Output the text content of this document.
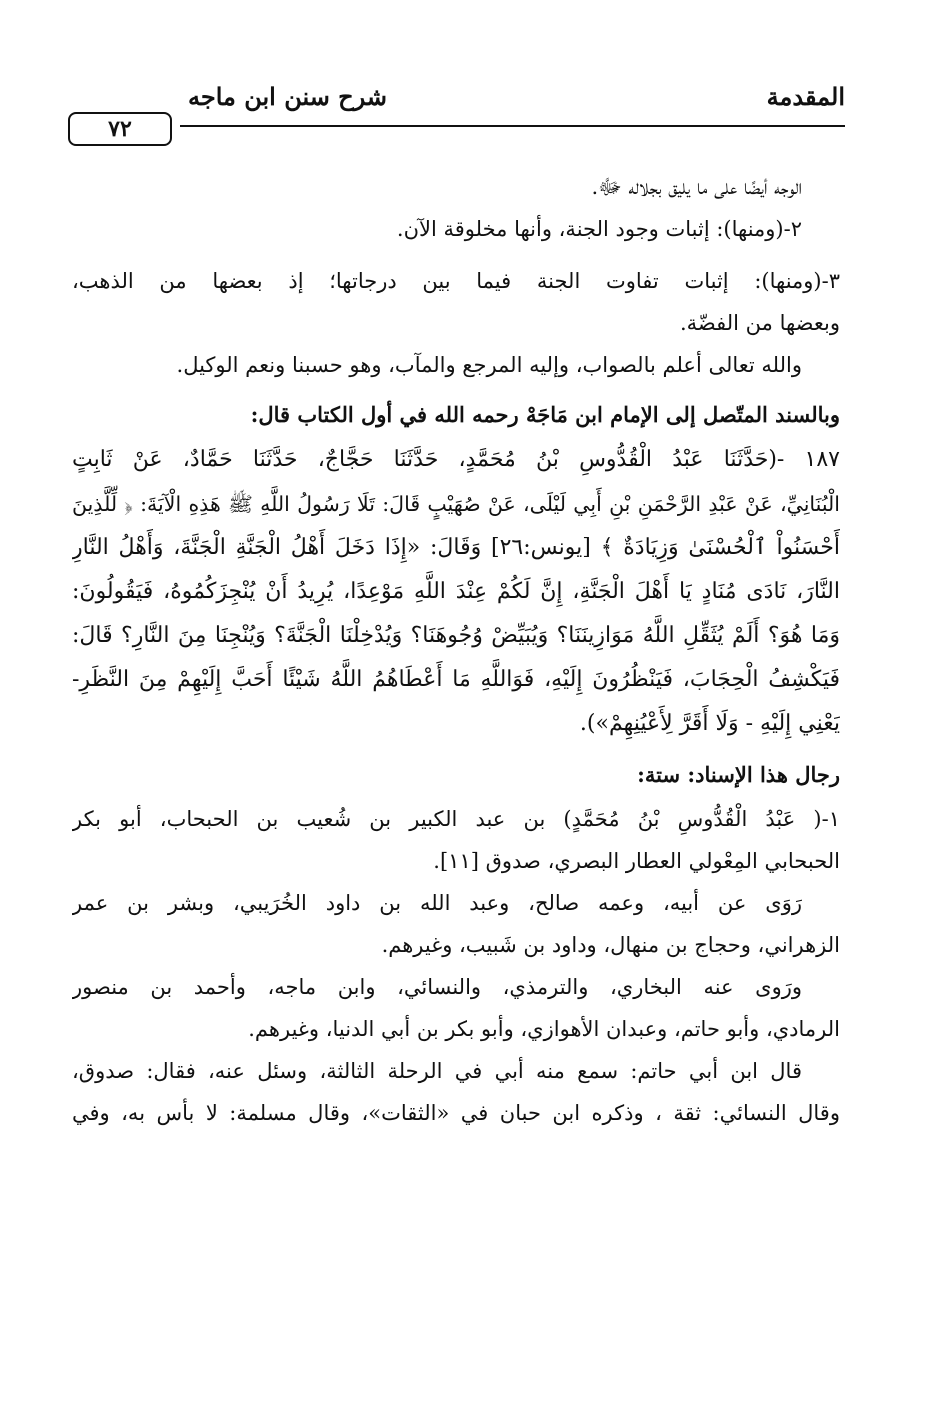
المقدمة
شرح سنن ابن ماجه
٧٢
الوجه أيضًا على ما يليق بجلاله ﷻ.
٢-(ومنها): إثبات وجود الجنة، وأنها مخلوقة الآن.
٣-(ومنها): إثبات تفاوت الجنة فيما بين درجاتها؛ إذ بعضها من الذهب،
وبعضها من الفضّة.
والله تعالى أعلم بالصواب، وإليه المرجع والمآب، وهو حسبنا ونعم الوكيل.
وبالسند المتّصل إلى الإمام ابن مَاجَهْ رحمه الله في أول الكتاب قال:
١٨٧ -(حَدَّثَنَا عَبْدُ الْقُدُّوسِ بْنُ مُحَمَّدٍ، حَدَّثَنَا حَجَّاجٌ، حَدَّثَنَا حَمَّادٌ، عَنْ ثَابِتٍ
الْبُنَانِيِّ، عَنْ عَبْدِ الرَّحْمَنِ بْنِ أَبِي لَيْلَى، عَنْ صُهَيْبٍ قَالَ: تَلَا رَسُولُ اللَّهِ ﷺ هَذِهِ الْآيَةَ: ﴿ لِّلَّذِينَ
أَحْسَنُواْ ٱلْحُسْنَىٰ وَزِيَادَةٌ ﴾ [يونس:٢٦] وَقَالَ: «إِذَا دَخَلَ أَهْلُ الْجَنَّةِ الْجَنَّةَ، وَأَهْلُ النَّارِ
النَّارَ، نَادَى مُنَادٍ يَا أَهْلَ الْجَنَّةِ، إِنَّ لَكُمْ عِنْدَ اللَّهِ مَوْعِدًا، يُرِيدُ أَنْ يُنْجِزَكُمُوهُ، فَيَقُولُونَ:
وَمَا هُوَ؟ أَلَمْ يُثَقِّلِ اللَّهُ مَوَازِينَنَا؟ وَيُبَيِّضْ وُجُوهَنَا؟ وَيُدْخِلْنَا الْجَنَّةَ؟ وَيُنْجِنَا مِنَ النَّارِ؟ قَالَ:
فَيَكْشِفُ الْحِجَابَ، فَيَنْظُرُونَ إِلَيْهِ، فَوَاللَّهِ مَا أَعْطَاهُمُ اللَّهُ شَيْئًا أَحَبَّ إِلَيْهِمْ مِنَ النَّظَرِ-
يَعْنِي إِلَيْهِ - وَلَا أَقَرَّ لِأَعْيُنِهِمْ»).
رجال هذا الإسناد: ستة:
١-( عَبْدُ الْقُدُّوسِ بْنُ مُحَمَّدٍ) بن عبد الكبير بن شُعيب بن الحبحاب، أبو بكر
الحبحابي المِعْولي العطار البصري، صدوق [١١].
رَوَى عن أبيه، وعمه صالح، وعبد الله بن داود الخُرَيبي، وبشر بن عمر
الزهراني، وحجاج بن منهال، وداود بن شَبيب، وغيرهم.
ورَوى عنه البخاري، والترمذي، والنسائي، وابن ماجه، وأحمد بن منصور
الرمادي، وأبو حاتم، وعبدان الأهوازي، وأبو بكر بن أبي الدنيا، وغيرهم.
قال ابن أبي حاتم: سمع منه أبي في الرحلة الثالثة، وسئل عنه، فقال: صدوق،
وقال النسائي: ثقة ، وذكره ابن حبان في «الثقات»، وقال مسلمة: لا بأس به، وفي
